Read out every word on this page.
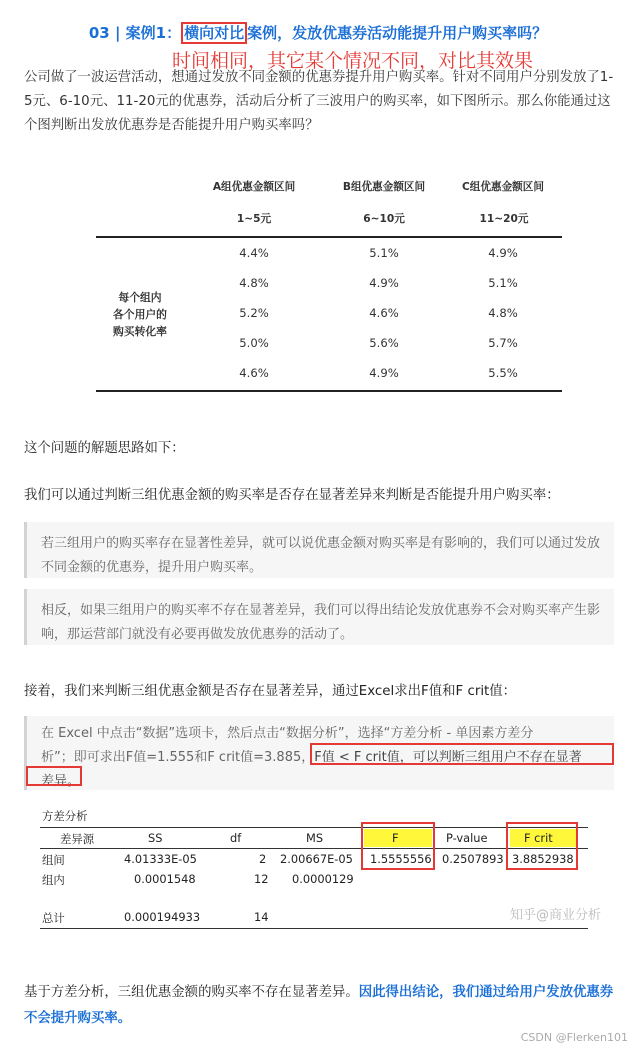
03 | 案例1： 横向对比 案例，发放优惠券活动能提升用户购买率吗？
时间相同，其它某个情况不同，对比其效果
公司做了一波运营活动，想通过发放不同金额的优惠券提升用户购买率。针对不同用户分别发放了1-5元、6-10元、11-20元的优惠券，活动后分析了三波用户的购买率，如下图所示。那么你能通过这个图判断出发放优惠券是否能提升用户购买率吗？
A组优惠金额区间	B组优惠金额区间	C组优惠金额区间
1~5元	6~10元	11~20元
每个组内
各个用户的
购买转化率
4.4%	5.1%	4.9%
4.8%	4.9%	5.1%
5.2%	4.6%	4.8%
5.0%	5.6%	5.7%
4.6%	4.9%	5.5%
这个问题的解题思路如下：
我们可以通过判断三组优惠金额的购买率是否存在显著差异来判断是否能提升用户购买率：
若三组用户的购买率存在显著性差异，就可以说优惠金额对购买率是有影响的，我们可以通过发放不同金额的优惠券，提升用户购买率。
相反，如果三组用户的购买率不存在显著差异，我们可以得出结论发放优惠券不会对购买率产生影响，那运营部门就没有必要再做发放优惠券的活动了。
接着，我们来判断三组优惠金额是否存在显著差异，通过Excel求出F值和F crit值：
在 Excel 中点击“数据”选项卡，然后点击“数据分析”，选择“方差分析 - 单因素方差分
析”；即可求出F值=1.555和F crit值=3.885，F值 < F crit值，可以判断三组用户不存在显著
差异。
方差分析
差异源	SS	df	MS	F	P-value	F crit
组间	4.01333E-05	2 2.00667E-05 1.5555556 0.2507893 3.8852938
组内	0.0001548	12 0.0000129
总计	0.000194933	14	知乎@商业分析
基于方差分析，三组优惠金额的购买率不存在显著差异。因此得出结论，我们通过给用户发放优惠券不会提升购买率。
CSDN @Flerken101
